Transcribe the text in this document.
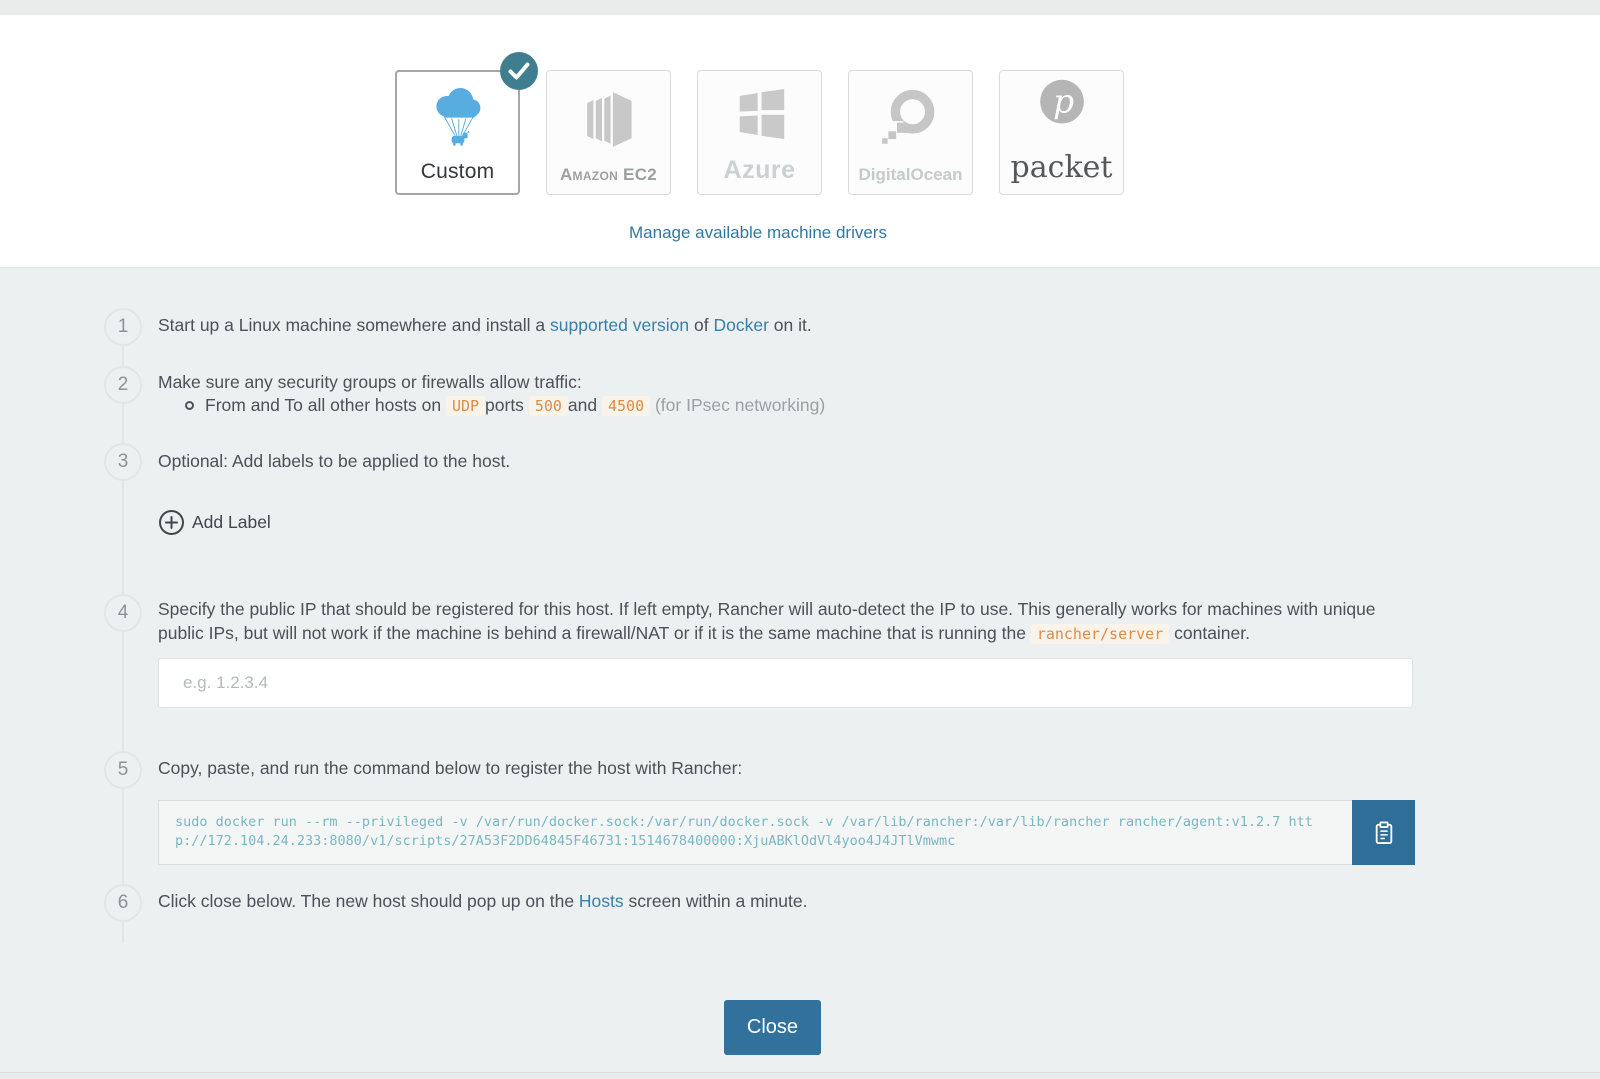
Custom	Amazon EC2	Azure	DigitalOcean
p
packet
Manage available machine drivers
1
2
3
4
5
6
Start up a Linux machine somewhere and install a supported version of Docker on it.
Make sure any security groups or firewalls allow traffic:
From and To all other hosts on
UDP ports
500 and
4500
(for IPsec networking)
Optional: Add labels to be applied to the host.
Add Label
Specify the public IP that should be registered for this host. If left empty, Rancher will auto-detect the IP to use. This generally works for machines with unique public IPs, but will not work if the machine is behind a firewall/NAT or if it is the same machine that is running the rancher/server container.
e.g. 1.2.3.4
Copy, paste, and run the command below to register the host with Rancher:
sudo docker run --rm --privileged -v /var/run/docker.sock:/var/run/docker.sock -v /var/lib/rancher:/var/lib/rancher rancher/agent:v1.2.7 http://172.104.24.233:8080/v1/scripts/27A53F2DD64845F46731:1514678400000:XjuABKlOdVl4yoo4J4JTlVmwmc
Click close below. The new host should pop up on the Hosts screen within a minute.
Close
